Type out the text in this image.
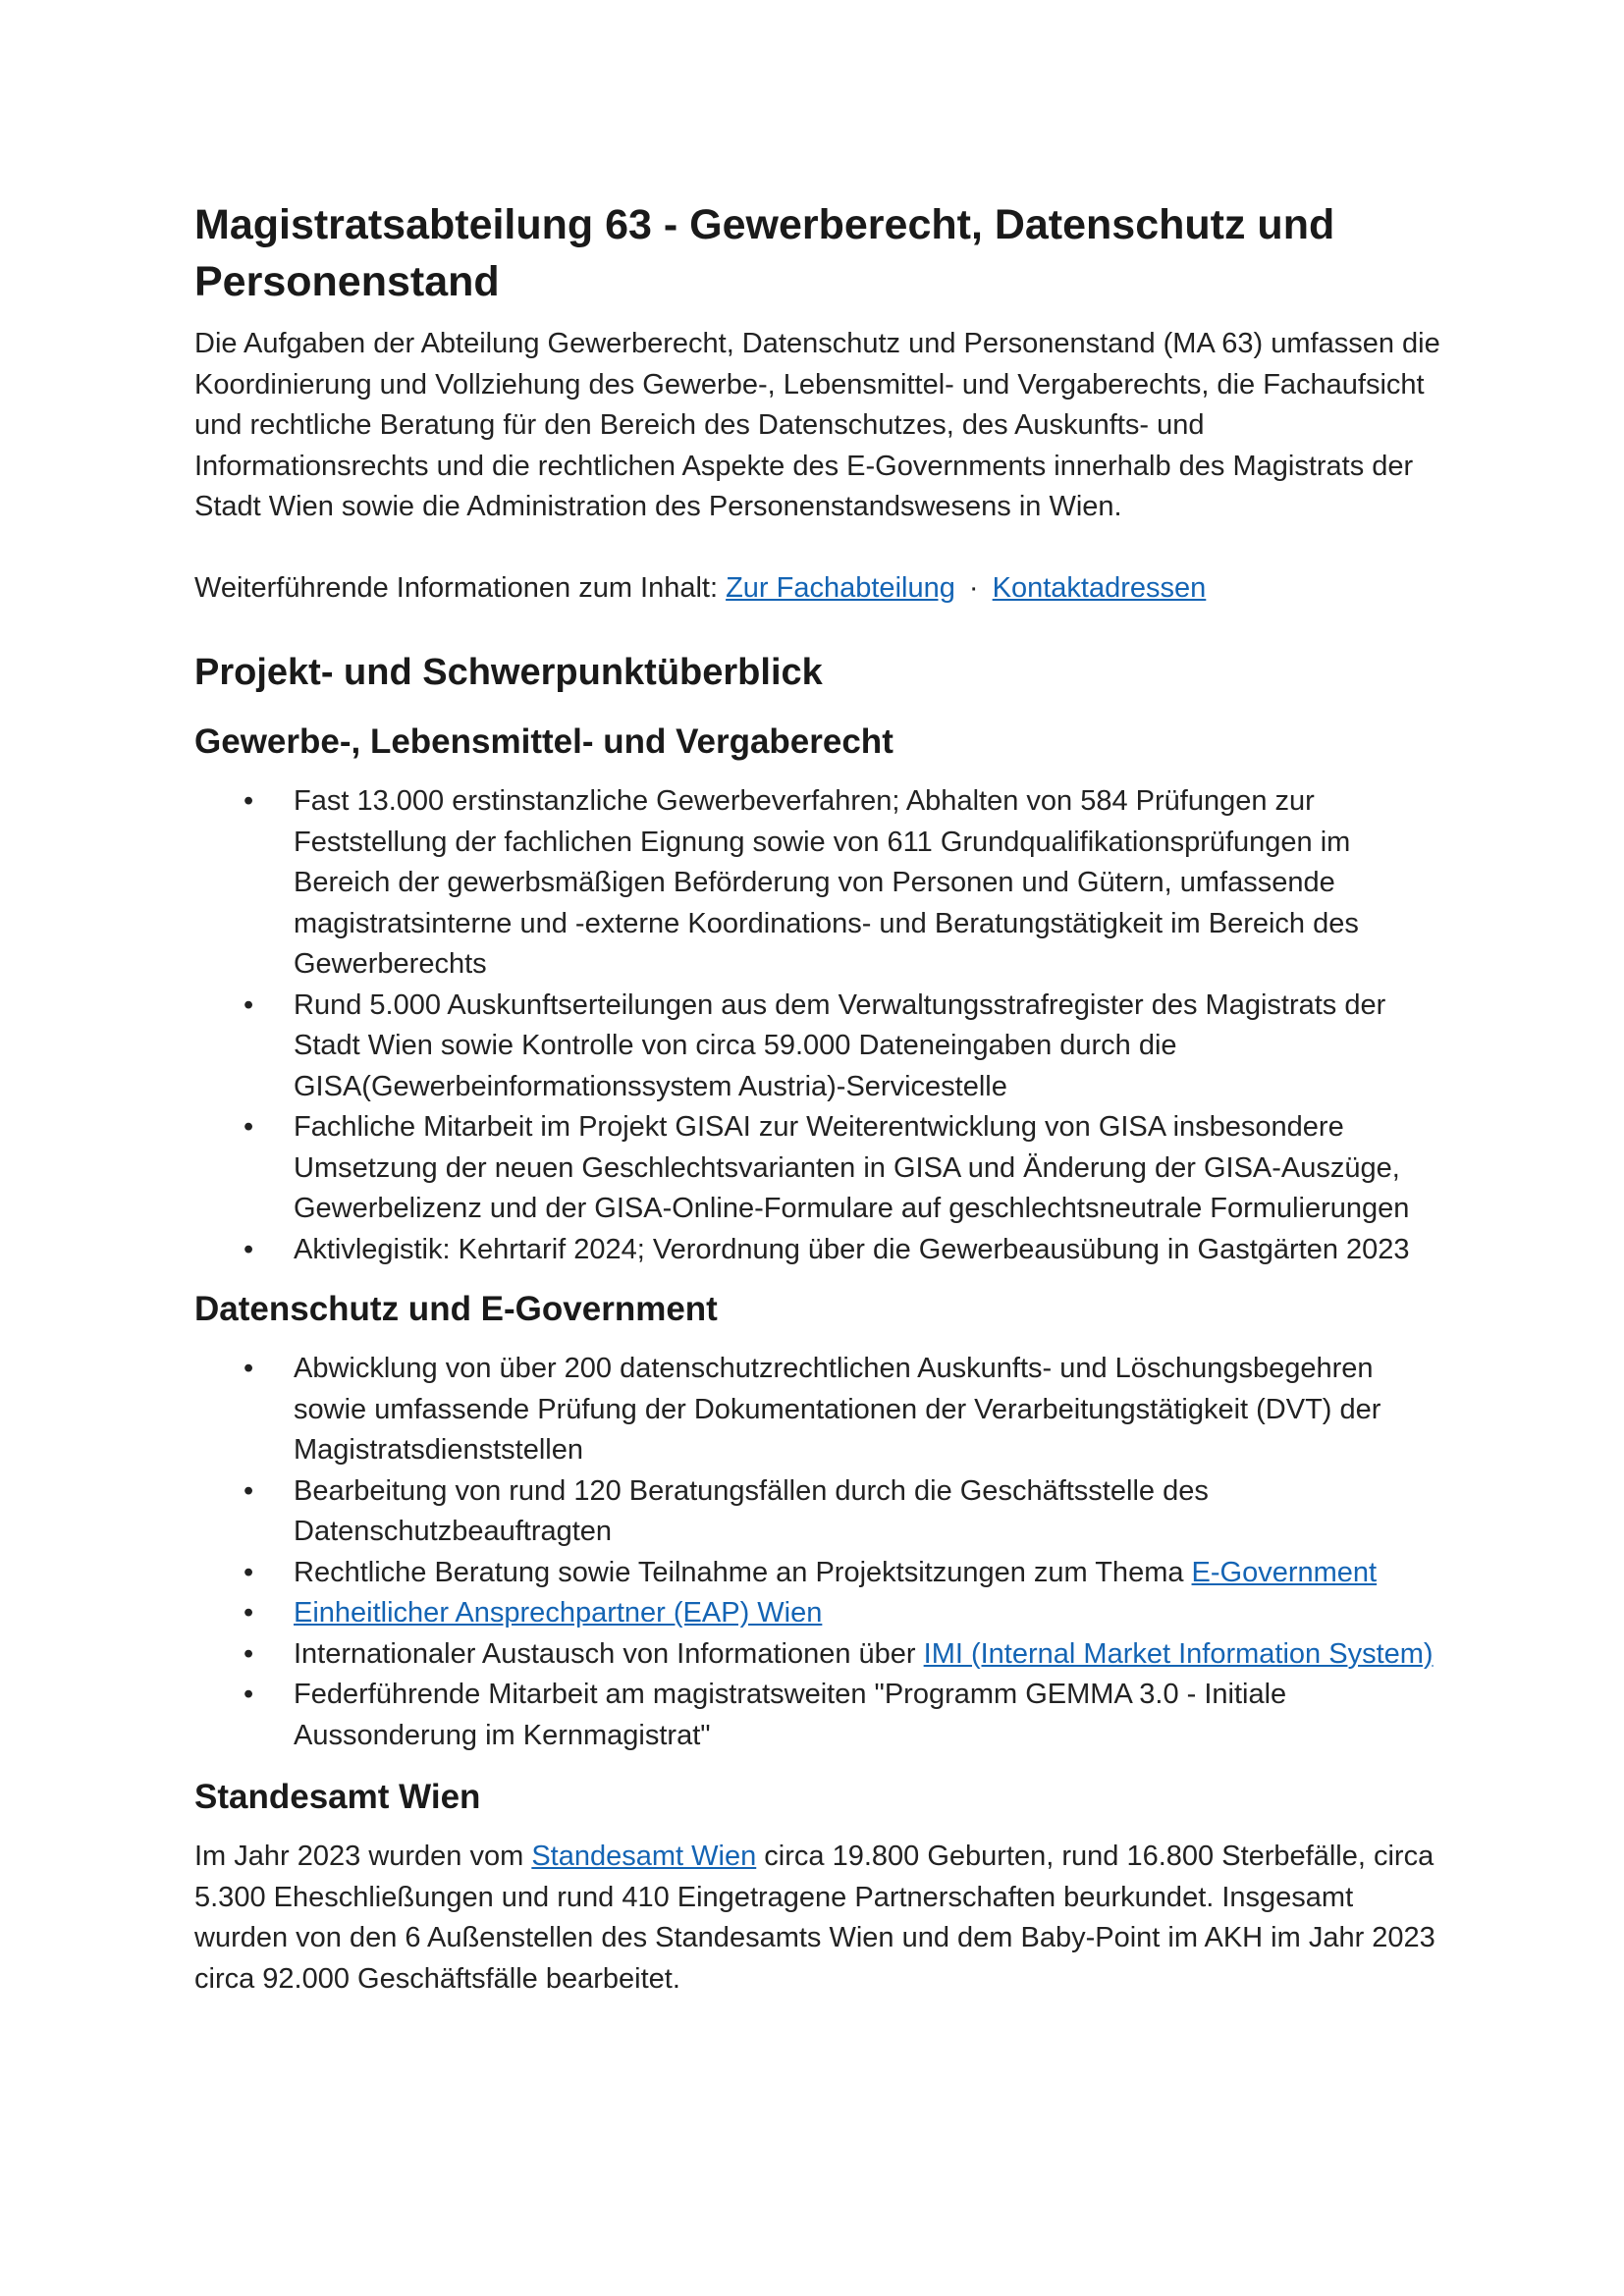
Magistratsabteilung 63 - Gewerberecht, Datenschutz und Personenstand

Die Aufgaben der Abteilung Gewerberecht, Datenschutz und Personenstand (MA 63) umfassen die Koordinierung und Vollziehung des Gewerbe-, Lebensmittel- und Vergaberechts, die Fachaufsicht und rechtliche Beratung für den Bereich des Datenschutzes, des Auskunfts- und Informationsrechts und die rechtlichen Aspekte des E-Governments innerhalb des Magistrats der Stadt Wien sowie die Administration des Personenstandswesens in Wien.

Weiterführende Informationen zum Inhalt: Zur Fachabteilung · Kontaktadressen

Projekt- und Schwerpunktüberblick
Gewerbe-, Lebensmittel- und Vergaberecht
• Fast 13.000 erstinstanzliche Gewerbeverfahren; Abhalten von 584 Prüfungen zur Feststellung der fachlichen Eignung sowie von 611 Grundqualifikationsprüfungen im Bereich der gewerbsmäßigen Beförderung von Personen und Gütern, umfassende magistratsinterne und -externe Koordinations- und Beratungstätigkeit im Bereich des Gewerberechts
• Rund 5.000 Auskunftserteilungen aus dem Verwaltungsstrafregister des Magistrats der Stadt Wien sowie Kontrolle von circa 59.000 Dateneingaben durch die GISA(Gewerbeinformationssystem Austria)-Servicestelle
• Fachliche Mitarbeit im Projekt GISAI zur Weiterentwicklung von GISA insbesondere Umsetzung der neuen Geschlechtsvarianten in GISA und Änderung der GISA-Auszüge, Gewerbelizenz und der GISA-Online-Formulare auf geschlechtsneutrale Formulierungen
• Aktivlegistik: Kehrtarif 2024; Verordnung über die Gewerbeausübung in Gastgärten 2023
Datenschutz und E-Government
• Abwicklung von über 200 datenschutzrechtlichen Auskunfts- und Löschungsbegehren sowie umfassende Prüfung der Dokumentationen der Verarbeitungstätigkeit (DVT) der Magistratsdienststellen
• Bearbeitung von rund 120 Beratungsfällen durch die Geschäftsstelle des Datenschutzbeauftragten
• Rechtliche Beratung sowie Teilnahme an Projektsitzungen zum Thema E-Government
• Einheitlicher Ansprechpartner (EAP) Wien
• Internationaler Austausch von Informationen über IMI (Internal Market Information System)
• Federführende Mitarbeit am magistratsweiten "Programm GEMMA 3.0 - Initiale Aussonderung im Kernmagistrat"
Standesamt Wien

Im Jahr 2023 wurden vom Standesamt Wien circa 19.800 Geburten, rund 16.800 Sterbefälle, circa 5.300 Eheschließungen und rund 410 Eingetragene Partnerschaften beurkundet. Insgesamt wurden von den 6 Außenstellen des Standesamts Wien und dem Baby-Point im AKH im Jahr 2023 circa 92.000 Geschäftsfälle bearbeitet.
